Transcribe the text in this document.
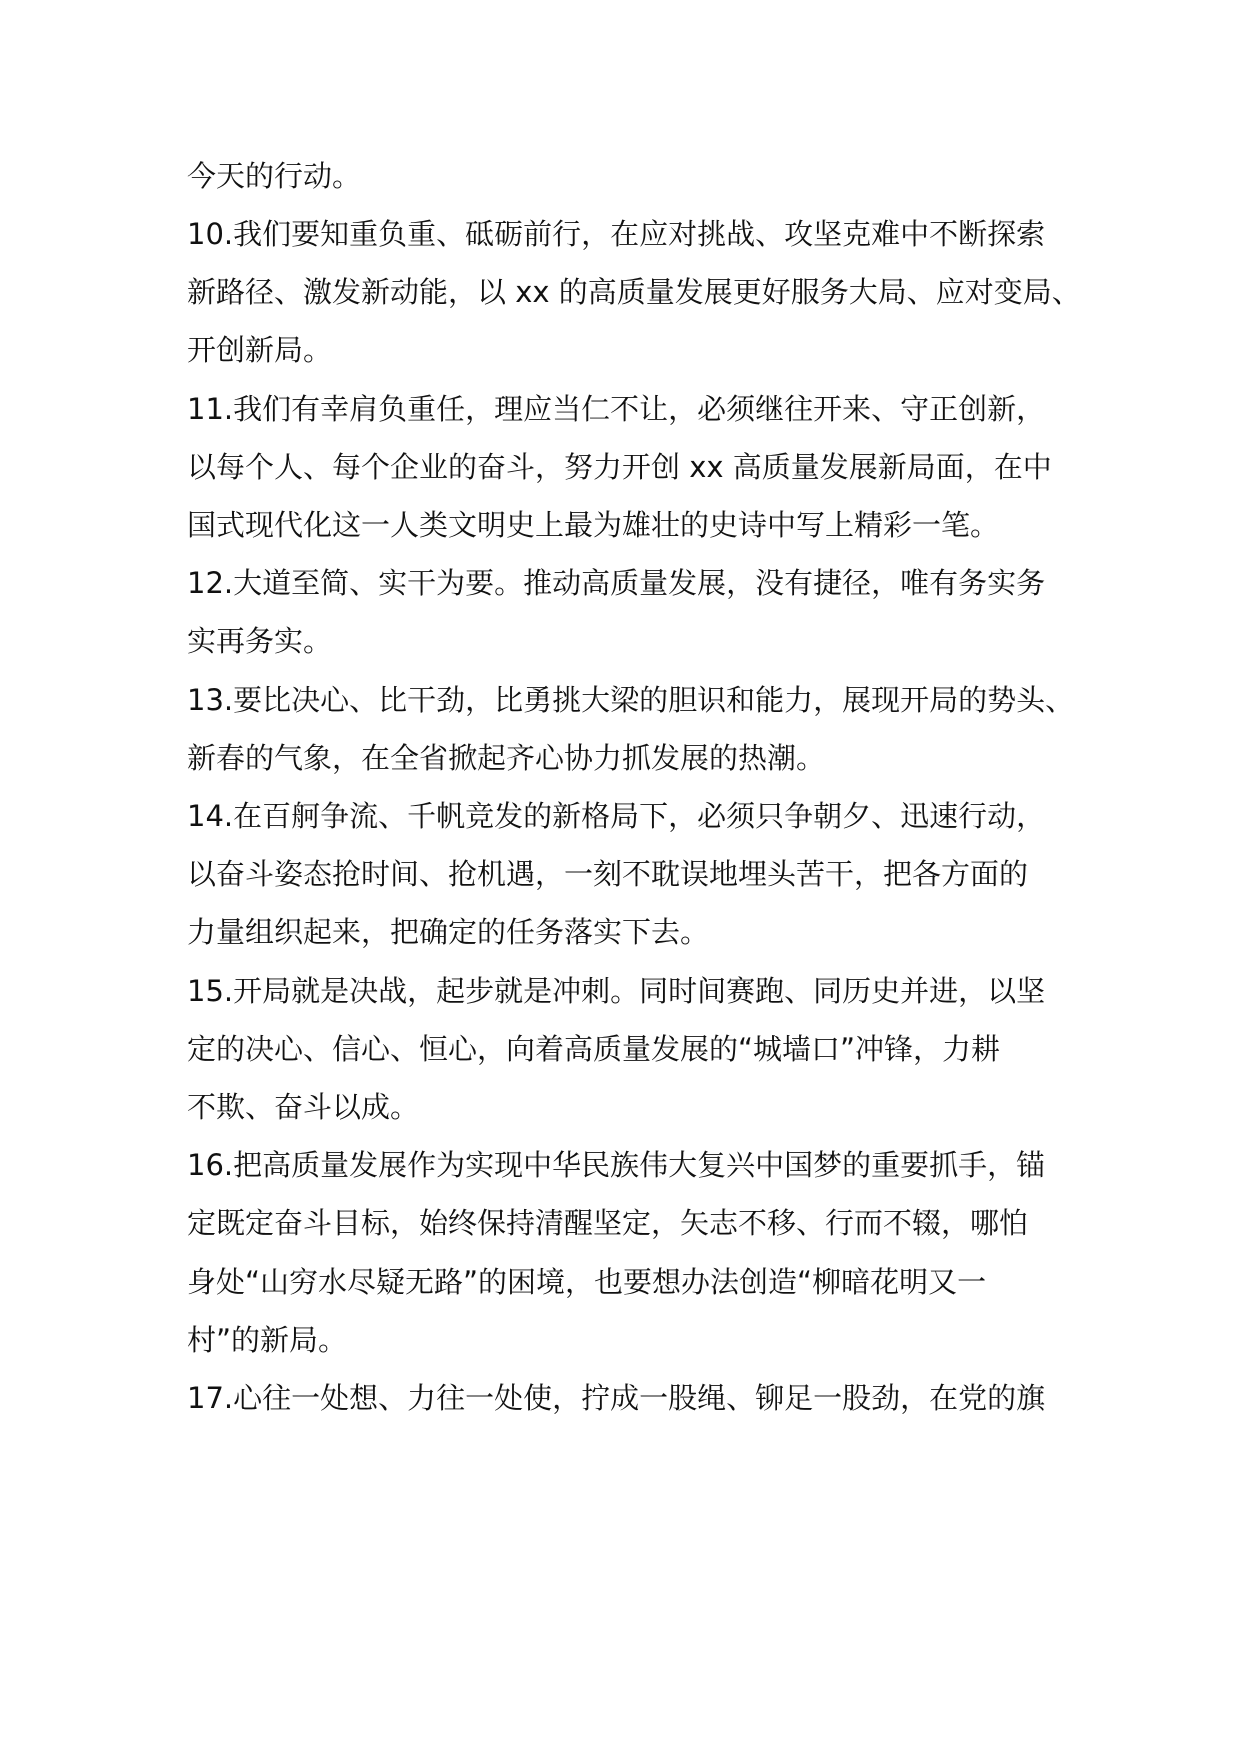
今天的行动。
10.我们要知重负重、砥砺前行，在应对挑战、攻坚克难中不断探索
新路径、激发新动能，以 xx 的高质量发展更好服务大局、应对变局、
开创新局。
11.我们有幸肩负重任，理应当仁不让，必须继往开来、守正创新，
以每个人、每个企业的奋斗，努力开创 xx 高质量发展新局面，在中
国式现代化这一人类文明史上最为雄壮的史诗中写上精彩一笔。
12.大道至简、实干为要。推动高质量发展，没有捷径，唯有务实务
实再务实。
13.要比决心、比干劲，比勇挑大梁的胆识和能力，展现开局的势头、
新春的气象，在全省掀起齐心协力抓发展的热潮。
14.在百舸争流、千帆竞发的新格局下，必须只争朝夕、迅速行动，
以奋斗姿态抢时间、抢机遇，一刻不耽误地埋头苦干，把各方面的
力量组织起来，把确定的任务落实下去。
15.开局就是决战，起步就是冲刺。同时间赛跑、同历史并进，以坚
定的决心、信心、恒心，向着高质量发展的“城墙口”冲锋，力耕
不欺、奋斗以成。
16.把高质量发展作为实现中华民族伟大复兴中国梦的重要抓手，锚
定既定奋斗目标，始终保持清醒坚定，矢志不移、行而不辍，哪怕
身处“山穷水尽疑无路”的困境，也要想办法创造“柳暗花明又一
村”的新局。
17.心往一处想、力往一处使，拧成一股绳、铆足一股劲，在党的旗
